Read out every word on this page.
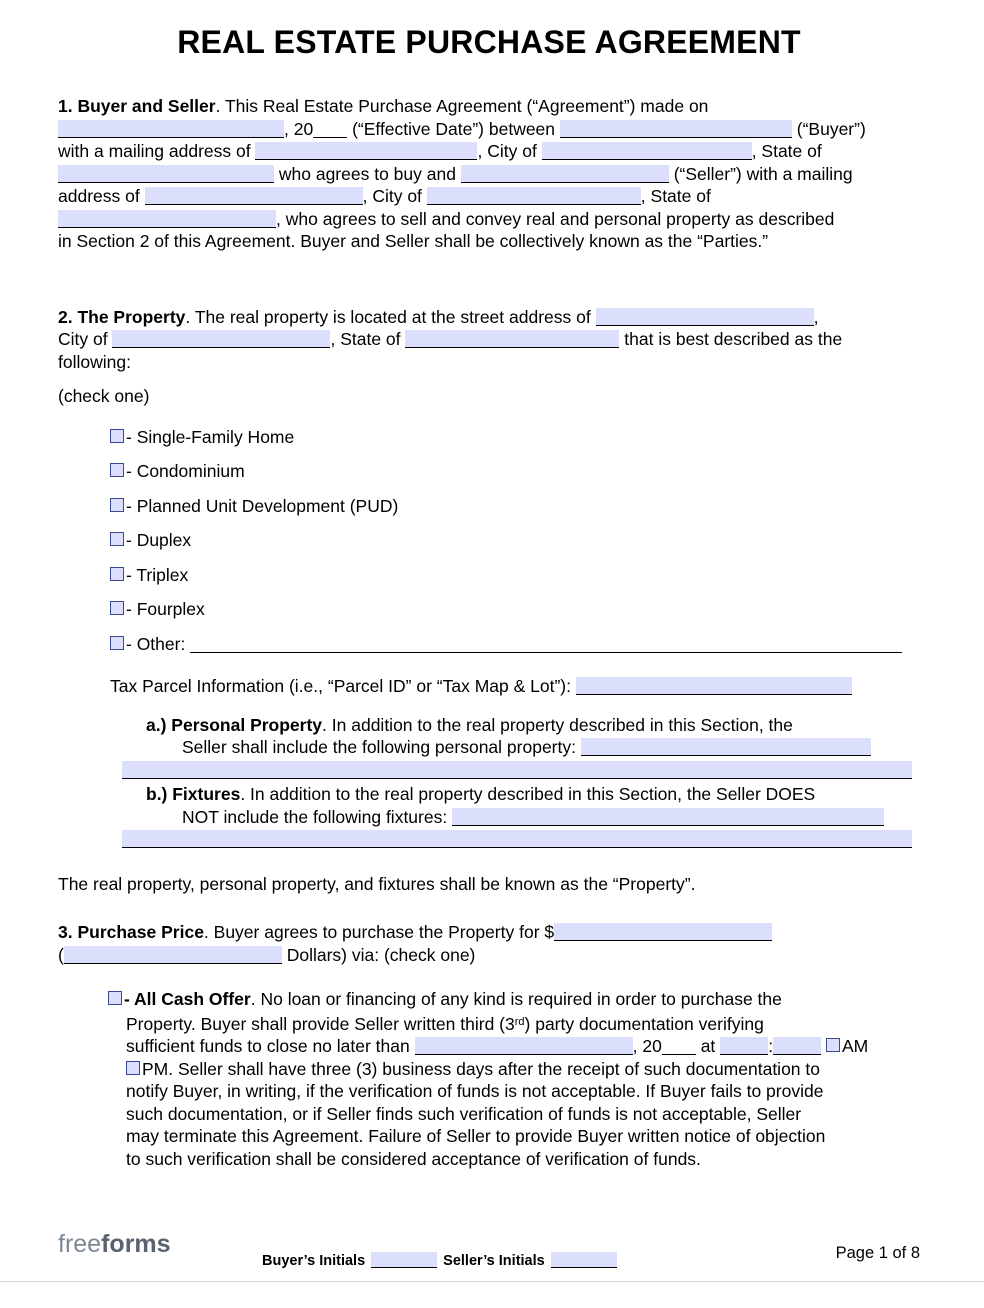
REAL ESTATE PURCHASE AGREEMENT

1. Buyer and Seller. This Real Estate Purchase Agreement (“Agreement”) made on

, 20 (“Effective Date”) between	(“Buyer”)

with a mailing address of	, City of	, State of

who agrees to buy and	(“Seller”) with a mailing

address of	, City of	, State of

, who agrees to sell and convey real and personal property as described

in Section 2 of this Agreement. Buyer and Seller shall be collectively known as the “Parties.”

2. The Property. The real property is located at the street address of	,

City of	, State of	that is best described as the

following:

(check one)

- Single-Family Home
- Condominium
- Planned Unit Development (PUD)
- Duplex
- Triplex
- Fourplex
- Other:

Tax Parcel Information (i.e., “Parcel ID” or “Tax Map & Lot”):

a.) Personal Property. In addition to the real property described in this Section, the
Seller shall include the following personal property:
b.) Fixtures. In addition to the real property described in this Section, the Seller DOES
NOT include the following fixtures:

The real property, personal property, and fixtures shall be known as the “Property”.

3. Purchase Price. Buyer agrees to purchase the Property for $

(	Dollars) via: (check one)

- All Cash Offer. No loan or financing of any kind is required in order to purchase the
Property. Buyer shall provide Seller written third (3rd) party documentation verifying
sufficient funds to close no later than	, 20 at	:	AM
PM. Seller shall have three (3) business days after the receipt of such documentation to
notify Buyer, in writing, if the verification of funds is not acceptable. If Buyer fails to provide
such documentation, or if Seller finds such verification of funds is not acceptable, Seller
may terminate this Agreement. Failure of Seller to provide Buyer written notice of objection
to such verification shall be considered acceptance of verification of funds.
freeforms
Buyer’s Initials	Seller’s Initials	Page 1 of 8
